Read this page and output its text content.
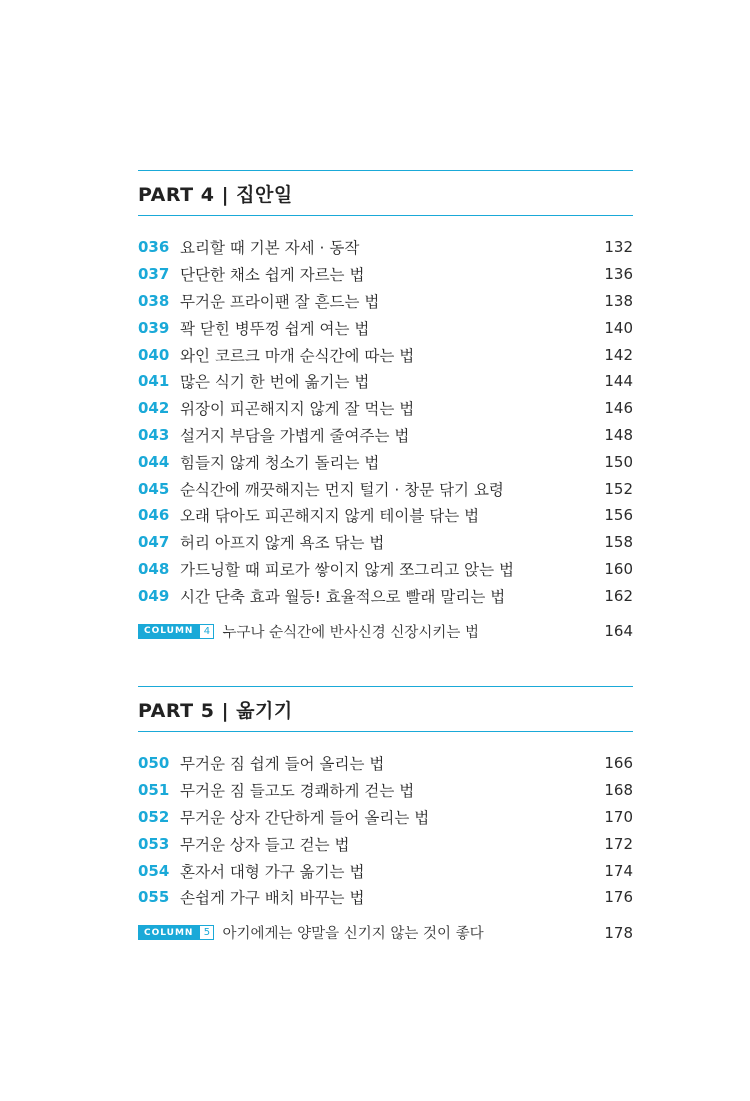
PART 4 | 집안일
036 요리할 때 기본 자세 · 동작	132
037 단단한 채소 쉽게 자르는 법	136
038 무거운 프라이팬 잘 흔드는 법	138
039 꽉 닫힌 병뚜껑 쉽게 여는 법	140
040 와인 코르크 마개 순식간에 따는 법	142
041 많은 식기 한 번에 옮기는 법	144
042 위장이 피곤해지지 않게 잘 먹는 법	146
043 설거지 부담을 가볍게 줄여주는 법	148
044 힘들지 않게 청소기 돌리는 법	150
045 순식간에 깨끗해지는 먼지 털기 · 창문 닦기 요령	152
046 오래 닦아도 피곤해지지 않게 테이블 닦는 법	156
047 허리 아프지 않게 욕조 닦는 법	158
048 가드닝할 때 피로가 쌓이지 않게 쪼그리고 앉는 법	160
049 시간 단축 효과 월등! 효율적으로 빨래 말리는 법	162
COLUMN	4 누구나 순식간에 반사신경 신장시키는 법	164
PART 5 | 옮기기
050 무거운 짐 쉽게 들어 올리는 법	166
051 무거운 짐 들고도 경쾌하게 걷는 법	168
052 무거운 상자 간단하게 들어 올리는 법	170
053 무거운 상자 들고 걷는 법	172
054 혼자서 대형 가구 옮기는 법	174
055 손쉽게 가구 배치 바꾸는 법	176
COLUMN	5 아기에게는 양말을 신기지 않는 것이 좋다	178
